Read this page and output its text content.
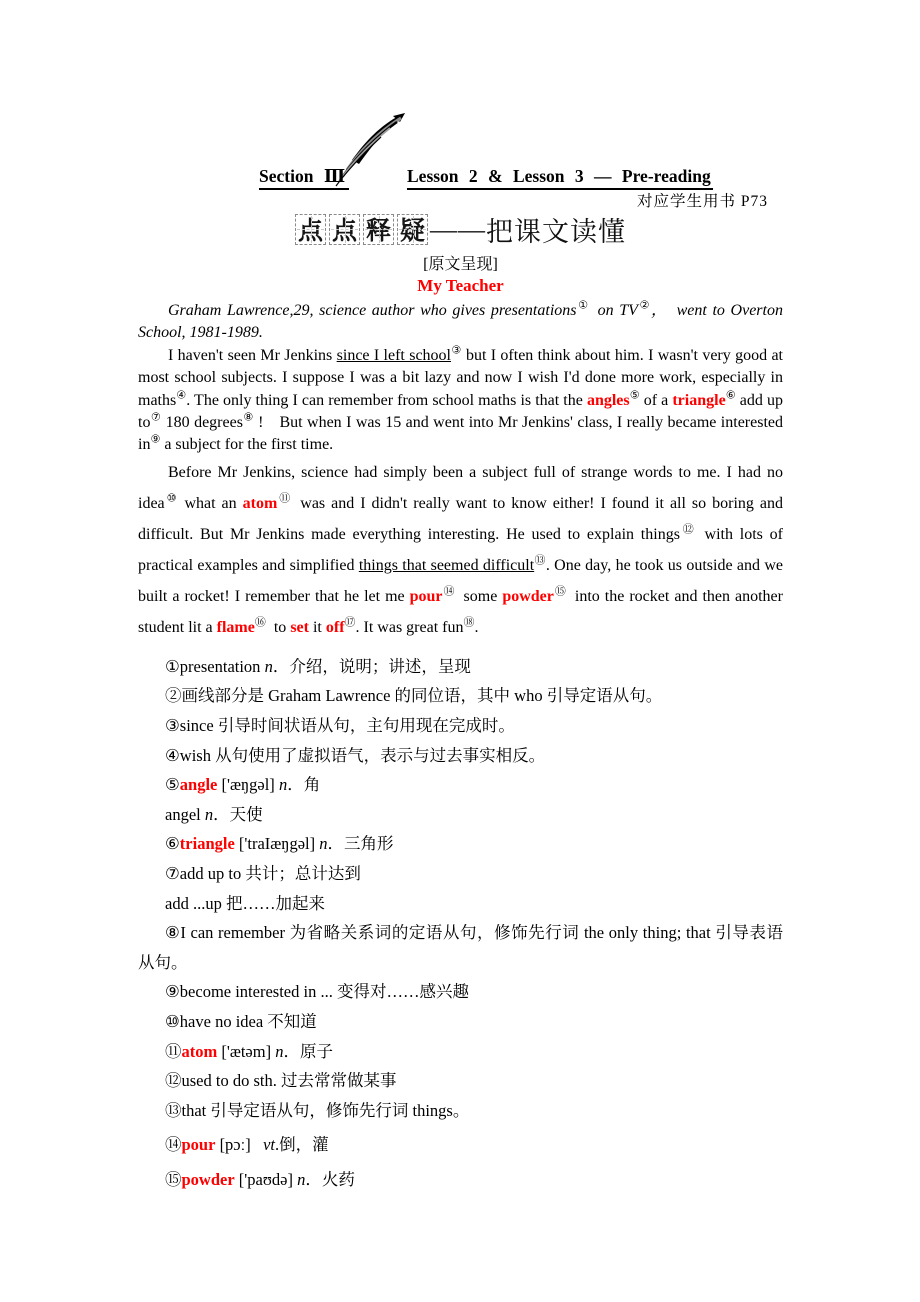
Section Ⅲ	Lesson 2 & Lesson 3 — Pre-reading
对应学生用书 P73
点 点 释 疑 —— 把课文读懂
[原文呈现]
My Teacher

Graham Lawrence,29, science author who gives presentations① on TV②， went to Overton School, 1981-1989.

I haven't seen Mr Jenkins since I left school③ but I often think about him. I wasn't very good at most school subjects. I suppose I was a bit lazy and now I wish I'd done more work, especially in maths④. The only thing I can remember from school maths is that the angles⑤ of a triangle⑥ add up to⑦ 180 degrees⑧ ! But when I was 15 and went into Mr Jenkins' class, I really became interested in⑨ a subject for the first time.

Before Mr Jenkins, science had simply been a subject full of strange words to me. I had no idea⑩ what an atom⑪ was and I didn't really want to know either! I found it all so boring and difficult. But Mr Jenkins made everything interesting. He used to explain things⑫ with lots of practical examples and simplified things that seemed difficult⑬. One day, he took us outside and we built a rocket! I remember that he let me pour⑭ some powder⑮ into the rocket and then another student lit a flame⑯ to set it off⑰. It was great fun⑱.

①presentation n．介绍，说明；讲述，呈现

②画线部分是 Graham Lawrence 的同位语，其中 who 引导定语从句。

③since 引导时间状语从句，主句用现在完成时。

④wish 从句使用了虚拟语气，表示与过去事实相反。

⑤angle ['æŋgəl] n．角

angel n．天使

⑥triangle ['traIæŋgəl] n．三角形

⑦add up to 共计；总计达到

add ...up 把……加起来

⑧I can remember 为省略关系词的定语从句，修饰先行词 the only thing; that 引导表语从句。

⑨become interested in ... 变得对……感兴趣

⑩have no idea 不知道

⑪atom ['ætəm] n．原子

⑫used to do sth. 过去常常做某事

⑬that 引导定语从句，修饰先行词 things。

⑭pour [pɔː]  vt.倒，灌

⑮powder ['paʊdə] n．火药
